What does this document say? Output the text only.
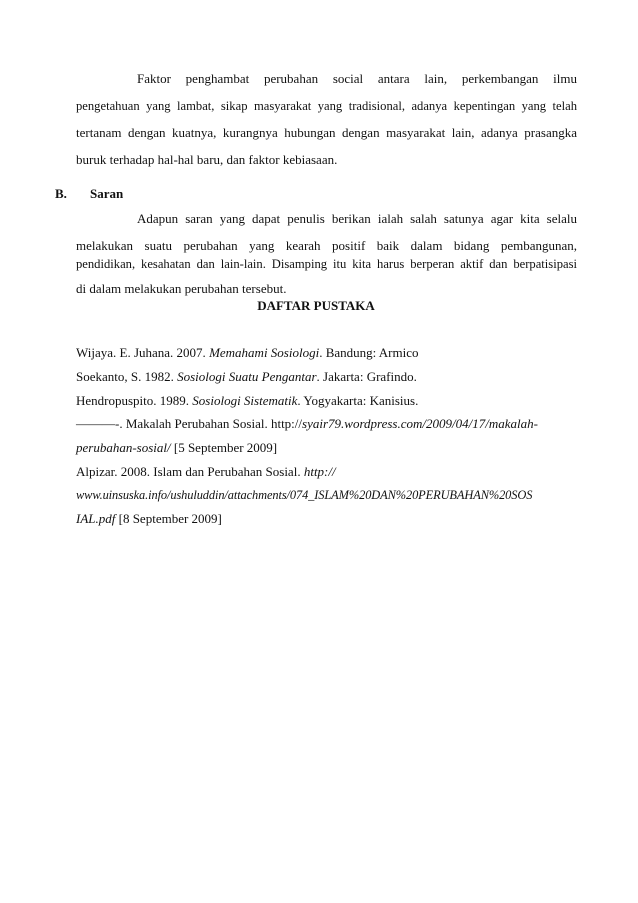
Faktor penghambat perubahan social antara lain, perkembangan ilmu
pengetahuan yang lambat, sikap masyarakat yang tradisional, adanya kepentingan yang telah
tertanam dengan kuatnya, kurangnya hubungan dengan masyarakat lain, adanya prasangka
buruk terhadap hal-hal baru, dan faktor kebiasaan.
B. Saran
Adapun saran yang dapat penulis berikan ialah salah satunya agar kita selalu
melakukan suatu perubahan yang kearah positif baik dalam bidang pembangunan,
pendidikan, kesahatan dan lain-lain. Disamping itu kita harus berperan aktif dan berpatisipasi
di dalam melakukan perubahan tersebut.
DAFTAR PUSTAKA
Wijaya. E. Juhana. 2007. Memahami Sosiologi. Bandung: Armico
Soekanto, S. 1982. Sosiologi Suatu Pengantar. Jakarta: Grafindo.
Hendropuspito. 1989. Sosiologi Sistematik. Yogyakarta: Kanisius.
———-. Makalah Perubahan Sosial. http://syair79.wordpress.com/2009/04/17/makalah-
perubahan-sosial/ [5 September 2009]
Alpizar. 2008. Islam dan Perubahan Sosial. http://
www.uinsuska.info/ushuluddin/attachments/074_ISLAM%20DAN%20PERUBAHAN%20SOS
IAL.pdf [8 September 2009]
